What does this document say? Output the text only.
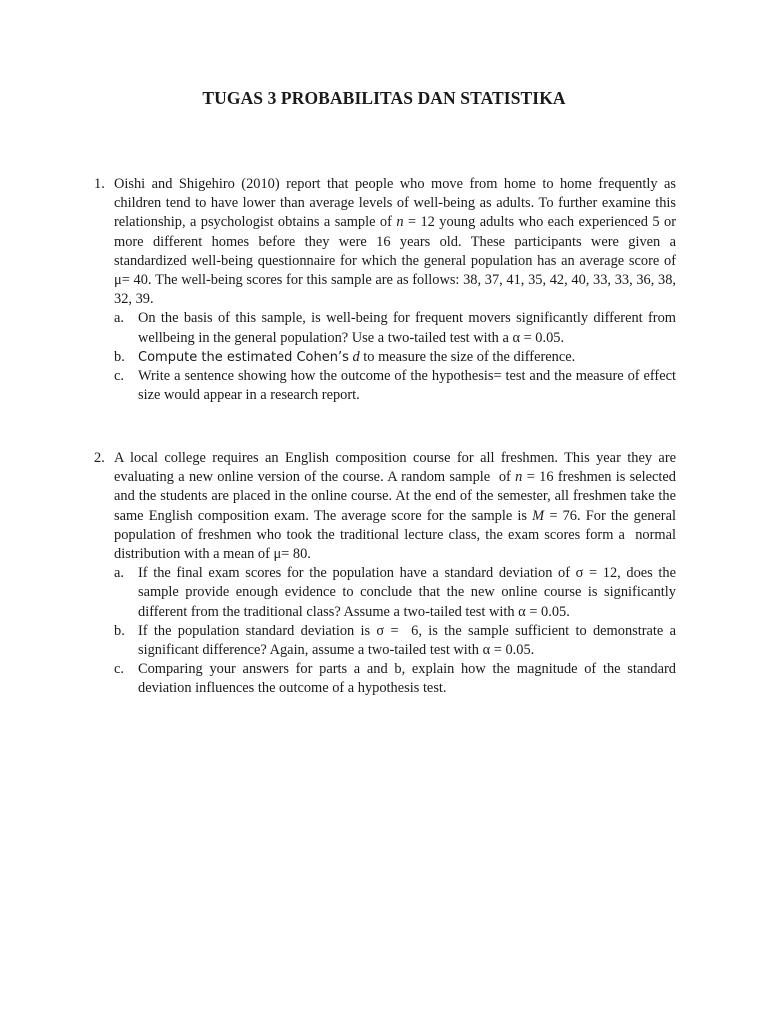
TUGAS 3 PROBABILITAS DAN STATISTIKA
1. Oishi and Shigehiro (2010) report that people who move from home to home frequently as children tend to have lower than average levels of well-being as adults. To further examine this relationship, a psychologist obtains a sample of n = 12 young adults who each experienced 5 or more different homes before they were 16 years old. These participants were given a standardized well-being questionnaire for which the general population has an average score of μ= 40. The well-being scores for this sample are as follows: 38, 37, 41, 35, 42, 40, 33, 33, 36, 38, 32, 39.

a. On the basis of this sample, is well-being for frequent movers significantly different from wellbeing in the general population? Use a two-tailed test with a α = 0.05.
b. Compute the estimated Cohen’s d to measure the size of the difference.
c. Write a sentence showing how the outcome of the hypothesis= test and the measure of effect size would appear in a research report.
2. A local college requires an English composition course for all freshmen. This year they are evaluating a new online version of the course. A random sample  of n = 16 freshmen is selected and the students are placed in the online course. At the end of the semester, all freshmen take the same English composition exam. The average score for the sample is M = 76. For the general population of freshmen who took the traditional lecture class, the exam scores form a  normal distribution with a mean of μ= 80.

a. If the final exam scores for the population have a standard deviation of σ = 12, does the sample provide enough evidence to conclude that the new online course is significantly different from the traditional class? Assume a two-tailed test with α = 0.05.
b. If the population standard deviation is σ =  6, is the sample sufficient to demonstrate a significant difference? Again, assume a two-tailed test with α = 0.05.
c. Comparing your answers for parts a and b, explain how the magnitude of the standard deviation influences the outcome of a hypothesis test.
